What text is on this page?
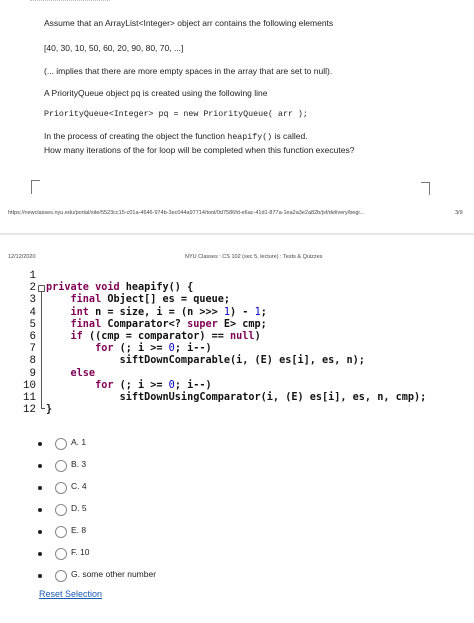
Assume that an ArrayList<Integer> object arr contains the following elements
[40, 30, 10, 50, 60, 20, 90, 80, 70, ...]
(... implies that there are more empty spaces in the array that are set to null).
A PriorityQueue object pq is created using the following line
PriorityQueue<Integer> pq = new PriorityQueue( arr );
In the process of creating the object the function heapify() is called.
How many iterations of the for loop will be completed when this function executes?
https://newclasses.nyu.edu/portal/site/5523cc15-c01a-4646-974b-3ec044a97714/tool/0d7586fd-e6ac-41d1-877a-1ea2a3e2a82b/jsf/delivery/begi...	3/9
12/12/2020	NYU Classes : CS 102 (sec 5, lecture) : Tests & Quizzes
1
2
3
4
5
6
7
8
9
10
11
12
private void heapify() {
final Object[] es = queue;
int n = size, i = (n >>> 1) - 1;
final Comparator<? super E> cmp;
if ((cmp = comparator) == null)
for (; i >= 0; i--)
siftDownComparable(i, (E) es[i], es, n);
else
for (; i >= 0; i--)
siftDownUsingComparator(i, (E) es[i], es, n, cmp);
}
A. 1
B. 3
C. 4
D. 5
E. 8
F. 10
G. some other number
Reset Selection
